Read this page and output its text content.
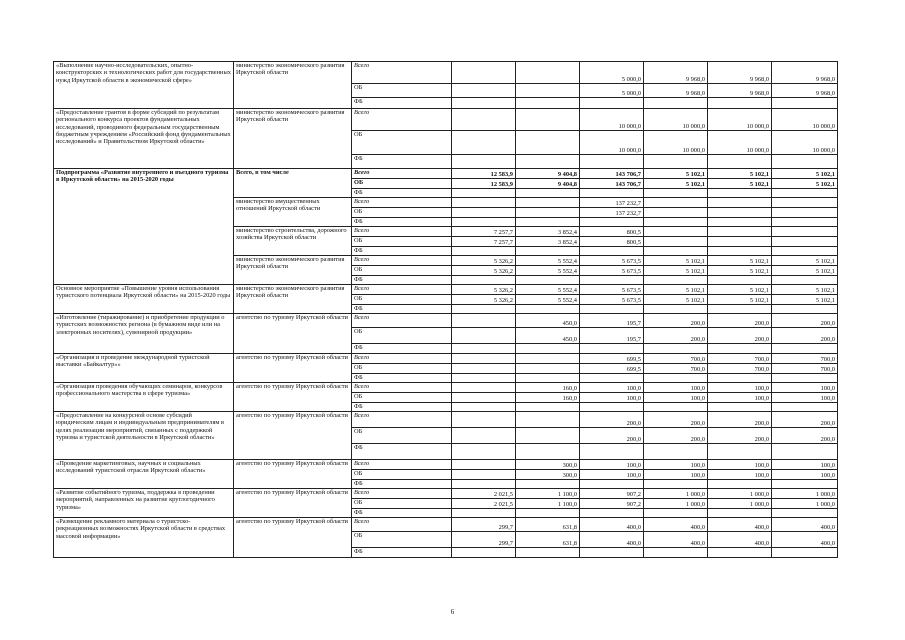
«Выполнение научно-исследовательских, опытно-конструкторских и технологических работ для государственных нужд Иркутской области в экономической сфере»	министерство экономического развития Иркутской области	Всего			5 000,0	9 968,0	9 968,0	9 968,0
		ОБ			5 000,0	9 968,0	9 968,0	9 968,0
		ФБ						
«Предоставление грантов в форме субсидий по результатам регионального конкурса проектов фундаментальных исследований, проводимого федеральным государственным бюджетным учреждением «Российский фонд фундаментальных исследований» и Правительством Иркутской области»	министерство экономического развития Иркутской области	Всего			10 000,0	10 000,0	10 000,0	10 000,0
		ОБ			10 000,0	10 000,0	10 000,0	10 000,0
		ФБ						
Подпрограмма «Развитие внутреннего и въездного туризма в Иркутской области» на 2015-2020 годы	Всего, в том числе	Всего	12 583,9	9 404,8	143 706,7	5 102,1	5 102,1	5 102,1
		ОБ	12 583,9	9 404,8	143 706,7	5 102,1	5 102,1	5 102,1
		ФБ						
	министерство имущественных отношений Иркутской области	Всего			137 232,7			
		ОБ			137 232,7			
		ФБ						
	министерство строительства, дорожного хозяйства Иркутской области	Всего	7 257,7	3 852,4	800,5			
		ОБ	7 257,7	3 852,4	800,5			
		ФБ						
	министерство экономического развития Иркутской области	Всего	5 326,2	5 552,4	5 673,5	5 102,1	5 102,1	5 102,1
		ОБ	5 326,2	5 552,4	5 673,5	5 102,1	5 102,1	5 102,1
		ФБ						
Основное мероприятие «Повышение уровня использования туристского потенциала Иркутской области» на 2015-2020 годы	министерство экономического развития Иркутской области	Всего	5 326,2	5 552,4	5 673,5	5 102,1	5 102,1	5 102,1
		ОБ	5 326,2	5 552,4	5 673,5	5 102,1	5 102,1	5 102,1
		ФБ						
«Изготовление (тиражирование) и приобретение продукции о туристских возможностях региона (в бумажном виде или на электронных носителях), сувенирной продукции»	агентство по туризму Иркутской области	Всего		450,0	195,7	200,0	200,0	200,0
		ОБ		450,0	195,7	200,0	200,0	200,0
		ФБ						
«Организация и проведение международной туристской выставки «Байкалтур»»	агентство по туризму Иркутской области	Всего			699,5	700,0	700,0	700,0
		ОБ			699,5	700,0	700,0	700,0
		ФБ						
«Организация проведения обучающих семинаров, конкурсов профессионального мастерства в сфере туризма»	агентство по туризму Иркутской области	Всего		160,0	100,0	100,0	100,0	100,0
		ОБ		160,0	100,0	100,0	100,0	100,0
		ФБ						
«Предоставление на конкурсной основе субсидий юридическим лицам и индивидуальным предпринимателям в целях реализации мероприятий, связанных с поддержкой туризма и туристской деятельности в Иркутской области»	агентство по туризму Иркутской области	Всего			200,0	200,0	200,0	200,0
		ОБ			200,0	200,0	200,0	200,0
		ФБ						
«Проведение маркетинговых, научных и социальных исследований туристской отрасли Иркутской области»	агентство по туризму Иркутской области	Всего		300,0	100,0	100,0	100,0	100,0
		ОБ		300,0	100,0	100,0	100,0	100,0
		ФБ						
«Развитие событийного туризма, поддержка в проведении мероприятий, направленных на развитие круглогодичного туризма»	агентство по туризму Иркутской области	Всего	2 021,5	1 100,0	907,2	1 000,0	1 000,0	1 000,0
		ОБ	2 021,5	1 100,0	907,2	1 000,0	1 000,0	1 000,0
		ФБ						
«Размещение рекламного материала о туристско-рекреационных возможностях Иркутской области в средствах массовой информации»	агентство по туризму Иркутской области	Всего	299,7	631,8	400,0	400,0	400,0	400,0
		ОБ	299,7	631,8	400,0	400,0	400,0	400,0
		ФБ						
6
